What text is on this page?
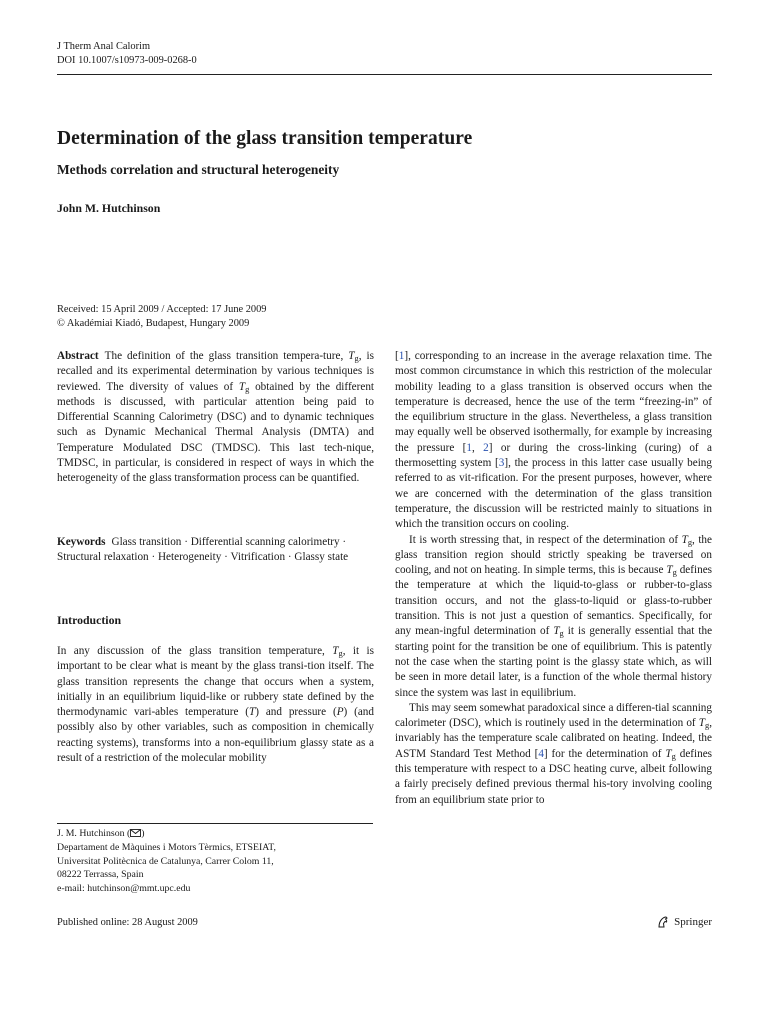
J Therm Anal Calorim
DOI 10.1007/s10973-009-0268-0
Determination of the glass transition temperature
Methods correlation and structural heterogeneity
John M. Hutchinson
Received: 15 April 2009 / Accepted: 17 June 2009
© Akadémiai Kiadó, Budapest, Hungary 2009

Abstract The definition of the glass transition tempera-ture, $T_g$, is recalled and its experimental determination by various techniques is reviewed. The diversity of values of $T_g$ obtained by the different methods is discussed, with particular attention being paid to Differential Scanning Calorimetry (DSC) and to dynamic techniques such as Dynamic Mechanical Thermal Analysis (DMTA) and Temperature Modulated DSC (TMDSC). This last tech-nique, TMDSC, in particular, is considered in respect of ways in which the heterogeneity of the glass transformation process can be quantified.

Keywords Glass transition · Differential scanning calorimetry · Structural relaxation · Heterogeneity · Vitrification · Glassy state

Introduction

In any discussion of the glass transition temperature, $T_g$, it is important to be clear what is meant by the glass transi-tion itself. The glass transition represents the change that occurs when a system, initially in an equilibrium liquid-like or rubbery state defined by the thermodynamic vari-ables temperature (T) and pressure (P) (and possibly also by other variables, such as composition in chemically reacting systems), transforms into a non-equilibrium glassy state as a result of a restriction of the molecular mobility

[1], corresponding to an increase in the average relaxation time. The most common circumstance in which this restriction of the molecular mobility leading to a glass transition is observed occurs when the temperature is decreased, hence the use of the term “freezing-in” of the equilibrium structure in the glass. Nevertheless, a glass transition may equally well be observed isothermally, for example by increasing the pressure [1, 2] or during the cross-linking (curing) of a thermosetting system [3], the process in this latter case usually being referred to as vit-rification. For the present purposes, however, where we are concerned with the determination of the glass transition temperature, the discussion will be restricted mainly to situations in which the transition occurs on cooling.

It is worth stressing that, in respect of the determination of $T_g$, the glass transition region should strictly speaking be traversed on cooling, and not on heating. In simple terms, this is because $T_g$ defines the temperature at which the liquid-to-glass or rubber-to-glass transition occurs, and not the glass-to-liquid or glass-to-rubber transition. This is not just a question of semantics. Specifically, for any mean-ingful determination of $T_g$ it is generally essential that the starting point for the transition be one of equilibrium. This is patently not the case when the starting point is the glassy state which, as will be seen in more detail later, is a function of the whole thermal history since the system was last in equilibrium.

This may seem somewhat paradoxical since a differen-tial scanning calorimeter (DSC), which is routinely used in the determination of $T_g$, invariably has the temperature scale calibrated on heating. Indeed, the ASTM Standard Test Method [4] for the determination of $T_g$ defines this temperature with respect to a DSC heating curve, albeit following a fairly precisely defined previous thermal his-tory involving cooling from an equilibrium state prior to

J. M. Hutchinson ( )
Departament de Màquines i Motors Tèrmics, ETSEIAT,
Universitat Politècnica de Catalunya, Carrer Colom 11,
08222 Terrassa, Spain
e-mail: hutchinson@mmt.upc.edu
Published online: 28 August 2009	Springer
